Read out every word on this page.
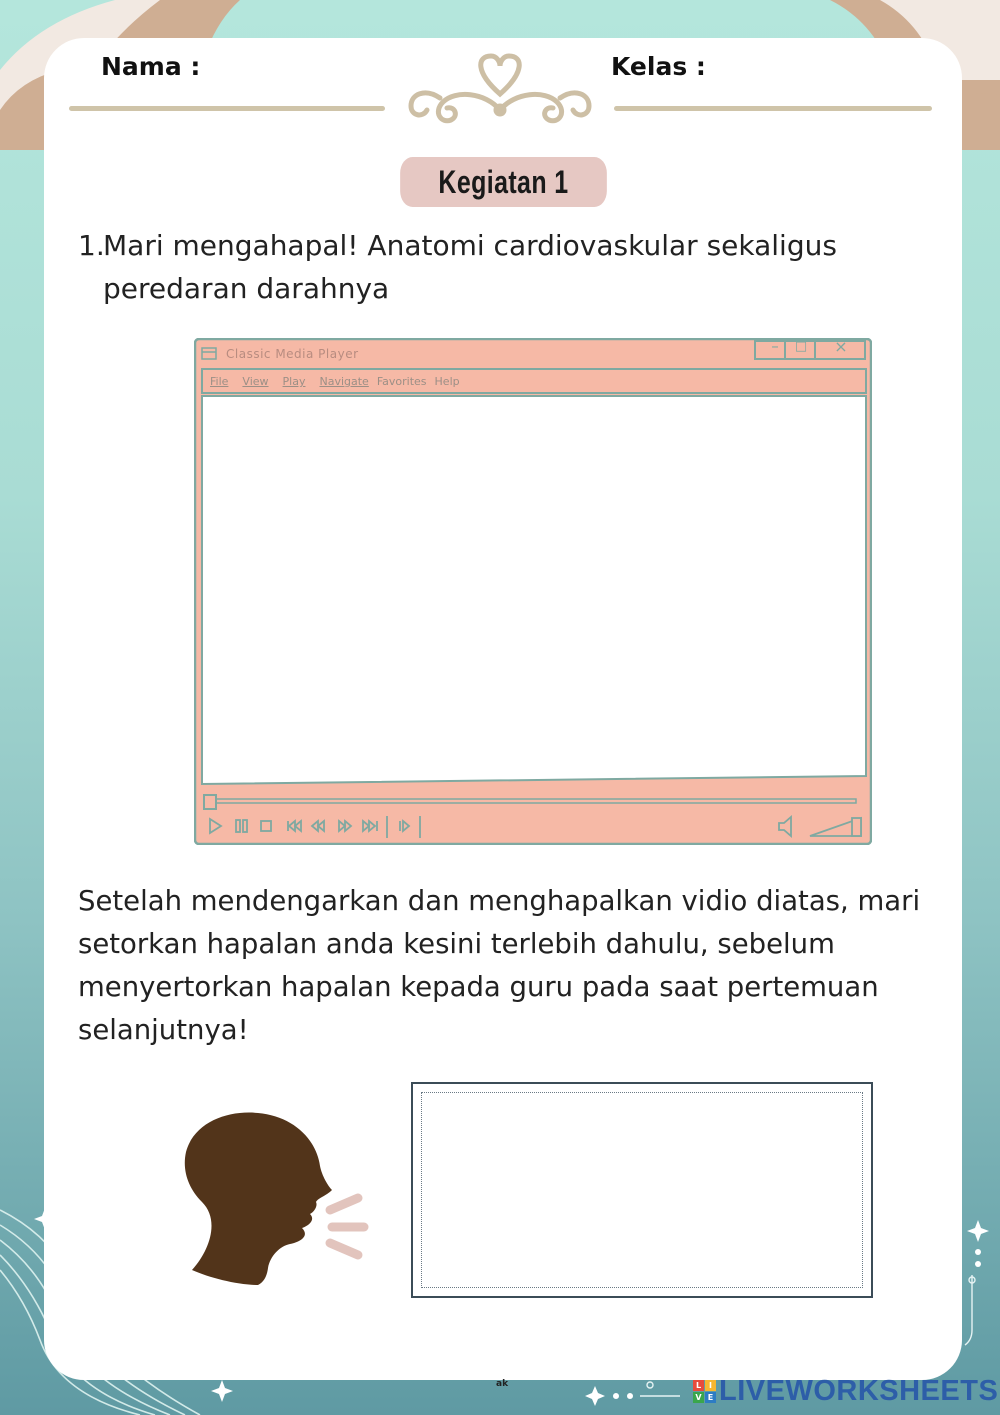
Nama :	Kelas :
Kegiatan 1
1.
Mari mengahapal! Anatomi cardiovaskular sekaligus peredaran darahnya
Classic Media Player	–	□ ×
File View Play Navigate Favorites Help
Setelah mendengarkan dan menghapalkan vidio diatas, mari setorkan hapalan anda kesini terlebih dahulu, sebelum menyertorkan hapalan kepada guru pada saat pertemuan selanjutnya!
ak	L I
V E LIVEWORKSHEETS
